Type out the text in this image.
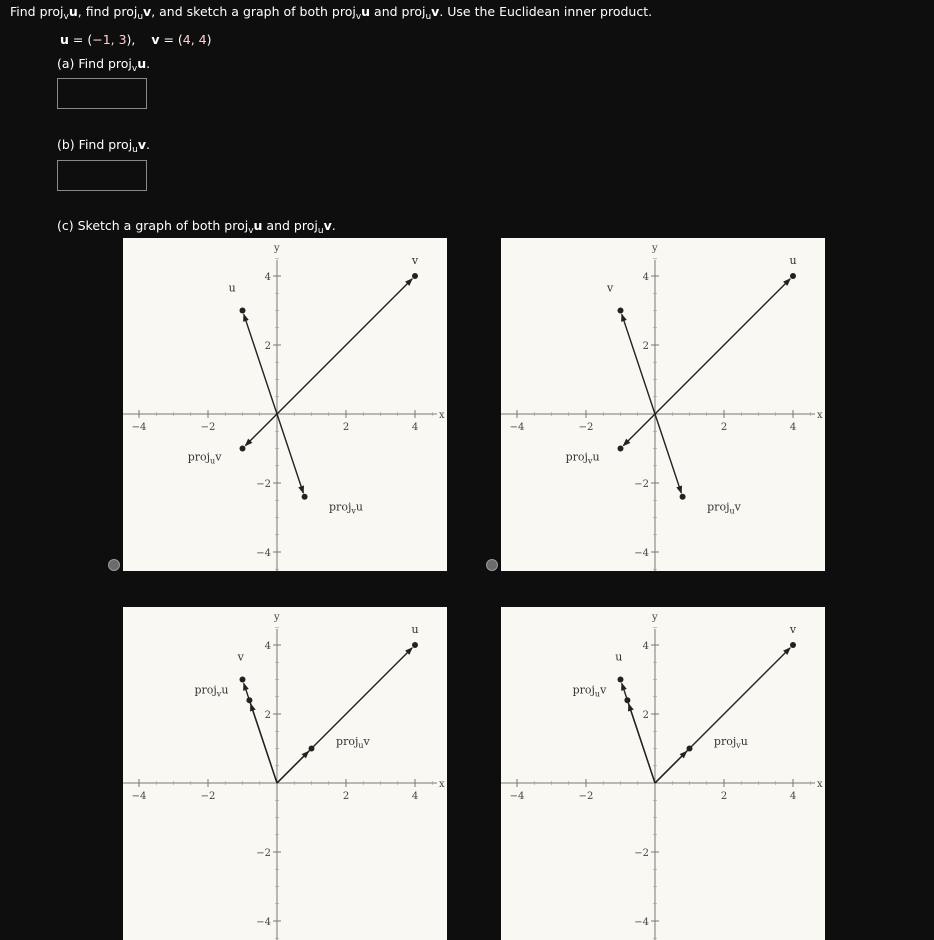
Find proj$_v$u, find proj$_u$v, and sketch a graph of both proj$_v$u and proj$_u$v. Use the Euclidean inner product.
u = (−1, 3), v = (4, 4)
(a) Find proj$_v$u.
(b) Find proj$_u$v.
(c) Sketch a graph of both proj$_v$u and proj$_u$v.
x
y
−4	−2	2	4
4
2
−2
−4
u
v
proj$_u$v
proj$_v$u
x
y
−4	−2	2	4
4
2
−2
−4
v
u
proj$_v$u
proj$_u$v
x
y
−4	−2	2	4
4
2
−2
−4
v
u
proj$_v$u
proj$_u$v
x
y
−4	−2	2	4
4
2
−2
−4
u
v
proj$_u$v
proj$_v$u
